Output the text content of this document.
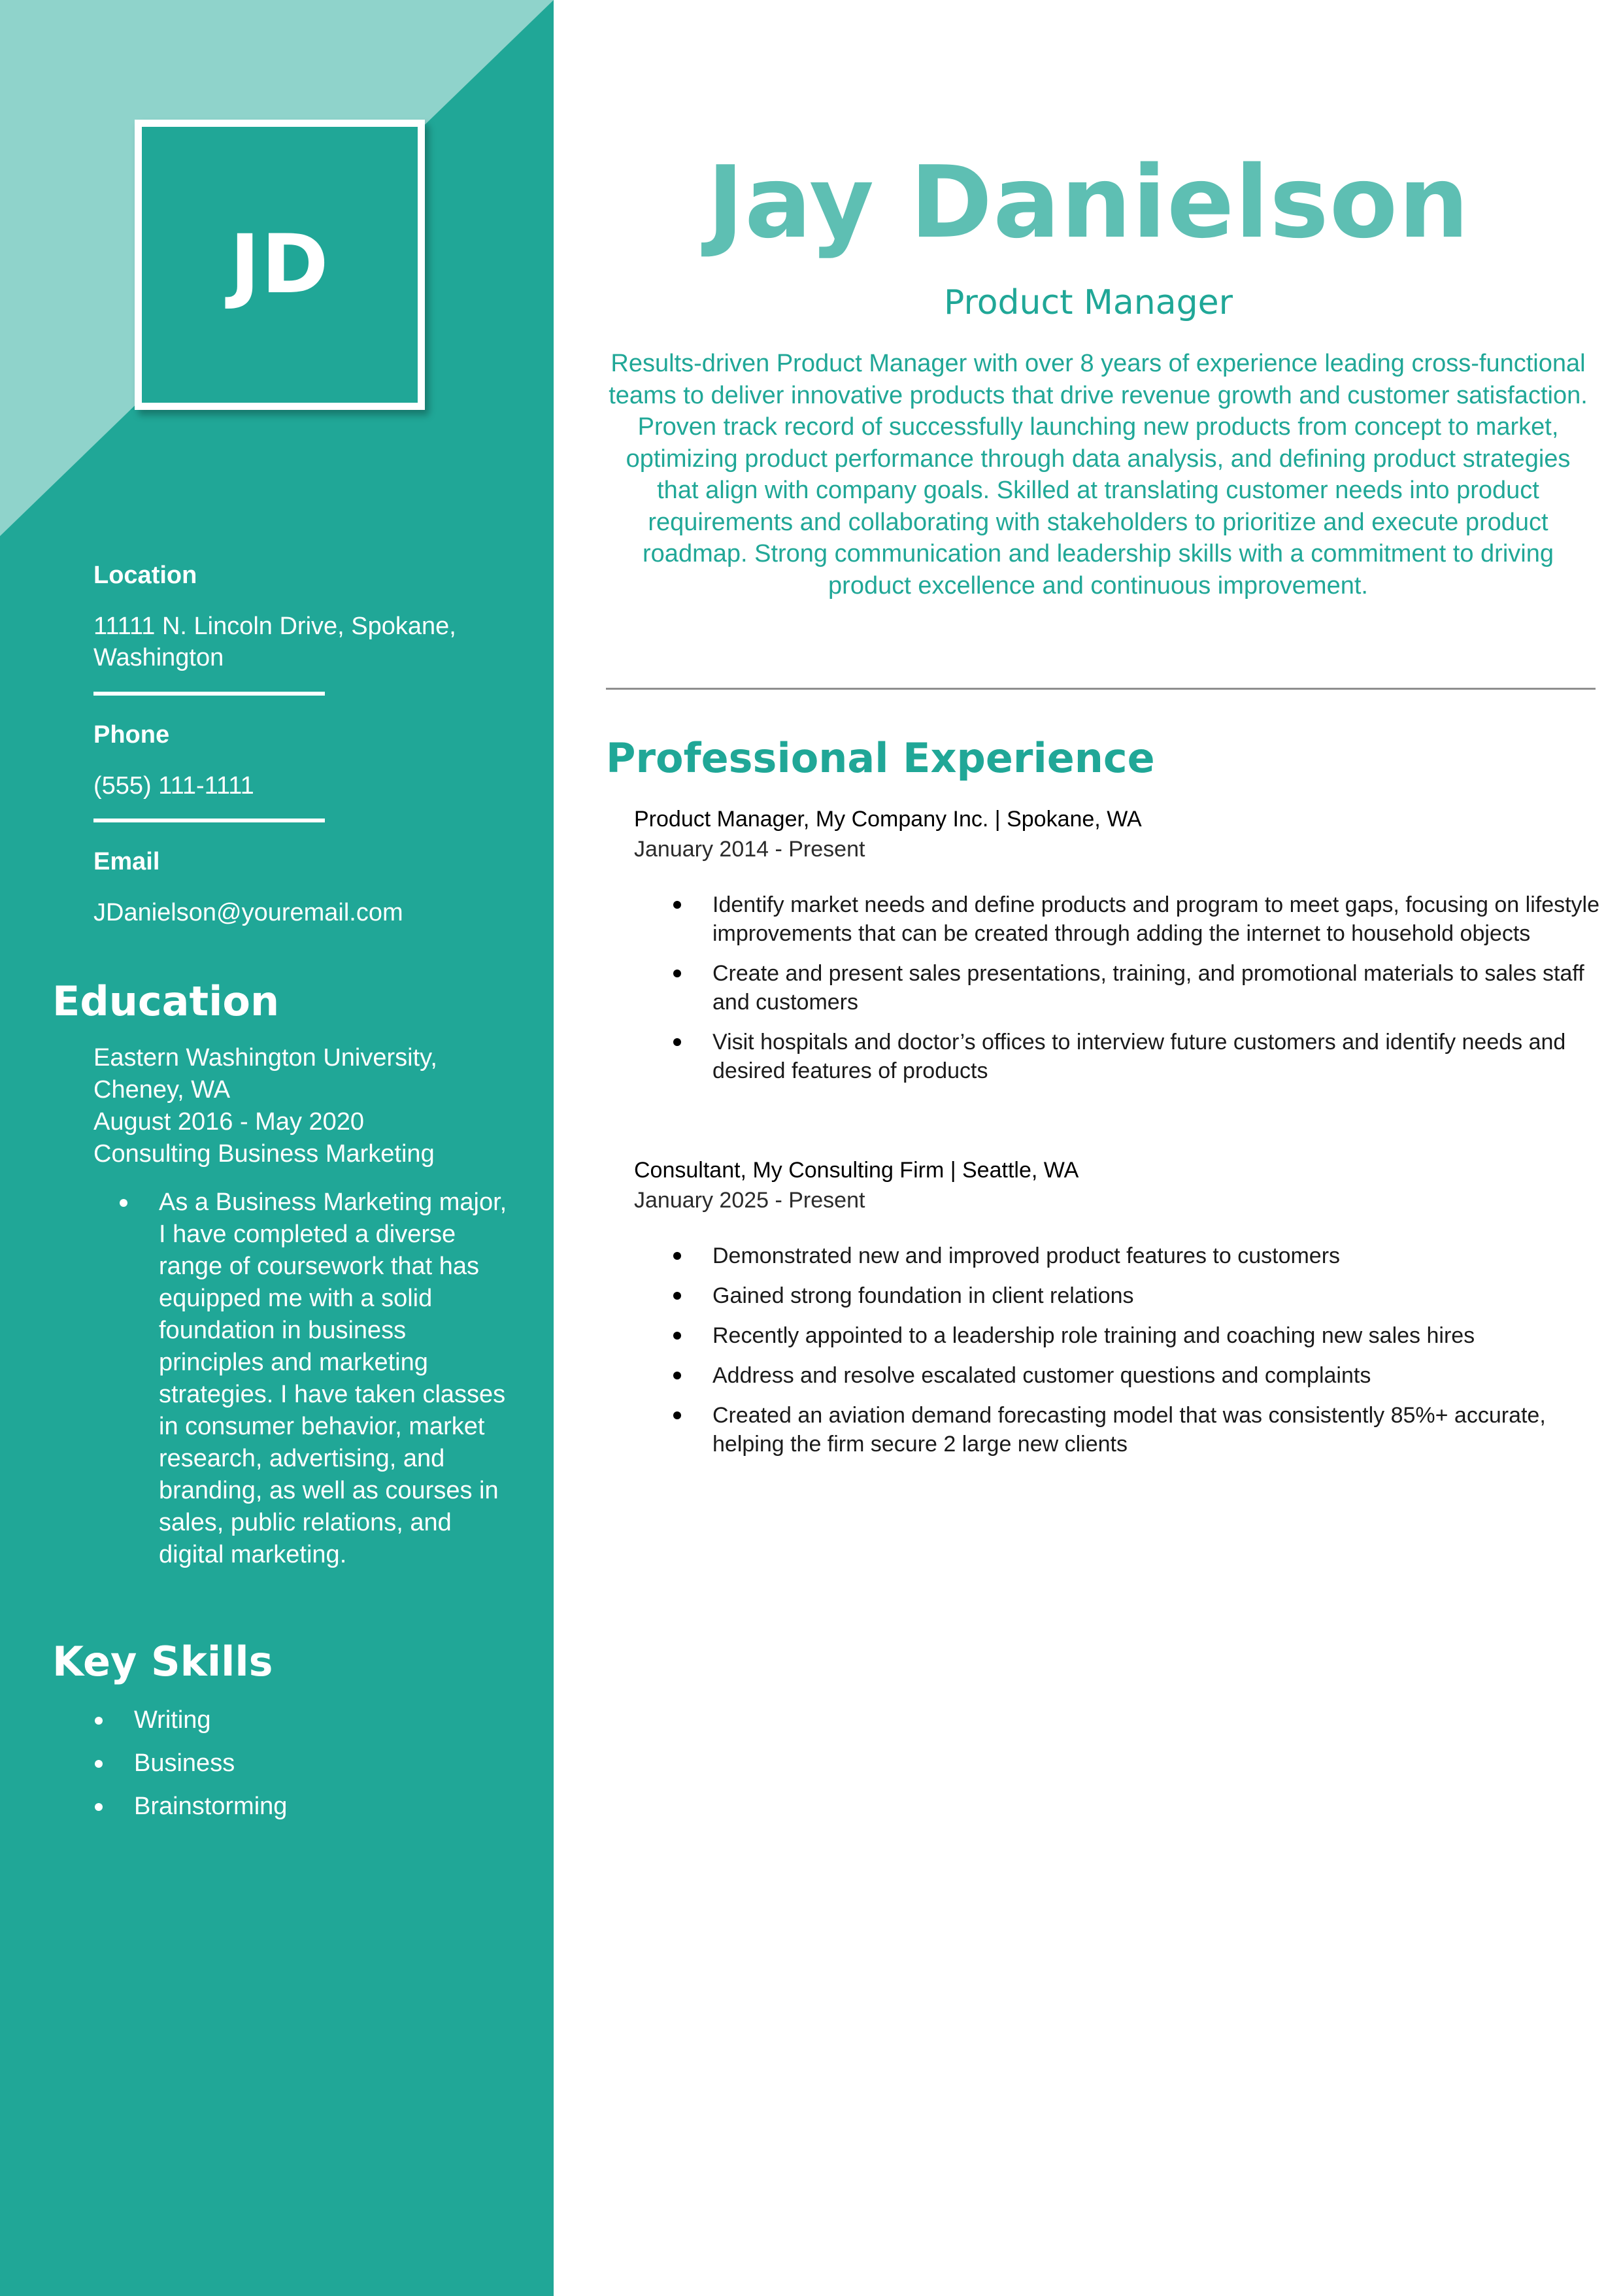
JD
Location
11111 N. Lincoln Drive, Spokane, Washington
Phone
(555) 111-1111
Email
JDanielson@youremail.com
Education
Eastern Washington University, Cheney, WA
August 2016 - May 2020
Consulting Business Marketing
As a Business Marketing major, I have completed a diverse range of coursework that has equipped me with a solid foundation in business principles and marketing strategies. I have taken classes in consumer behavior, market research, advertising, and branding, as well as courses in sales, public relations, and digital marketing.
Key Skills
Writing
Business
Brainstorming
Jay Danielson
Product Manager
Results-driven Product Manager with over 8 years of experience leading cross-functional teams to deliver innovative products that drive revenue growth and customer satisfaction. Proven track record of successfully launching new products from concept to market, optimizing product performance through data analysis, and defining product strategies that align with company goals. Skilled at translating customer needs into product requirements and collaborating with stakeholders to prioritize and execute product roadmap. Strong communication and leadership skills with a commitment to driving product excellence and continuous improvement.
Professional Experience
Product Manager, My Company Inc. | Spokane, WA
January 2014 - Present
Identify market needs and define products and program to meet gaps, focusing on lifestyle improvements that can be created through adding the internet to household objects
Create and present sales presentations, training, and promotional materials to sales staff and customers
Visit hospitals and doctor’s offices to interview future customers and identify needs and desired features of products
Consultant, My Consulting Firm | Seattle, WA
January 2025 - Present
Demonstrated new and improved product features to customers
Gained strong foundation in client relations
Recently appointed to a leadership role training and coaching new sales hires
Address and resolve escalated customer questions and complaints
Created an aviation demand forecasting model that was consistently 85%+ accurate, helping the firm secure 2 large new clients
